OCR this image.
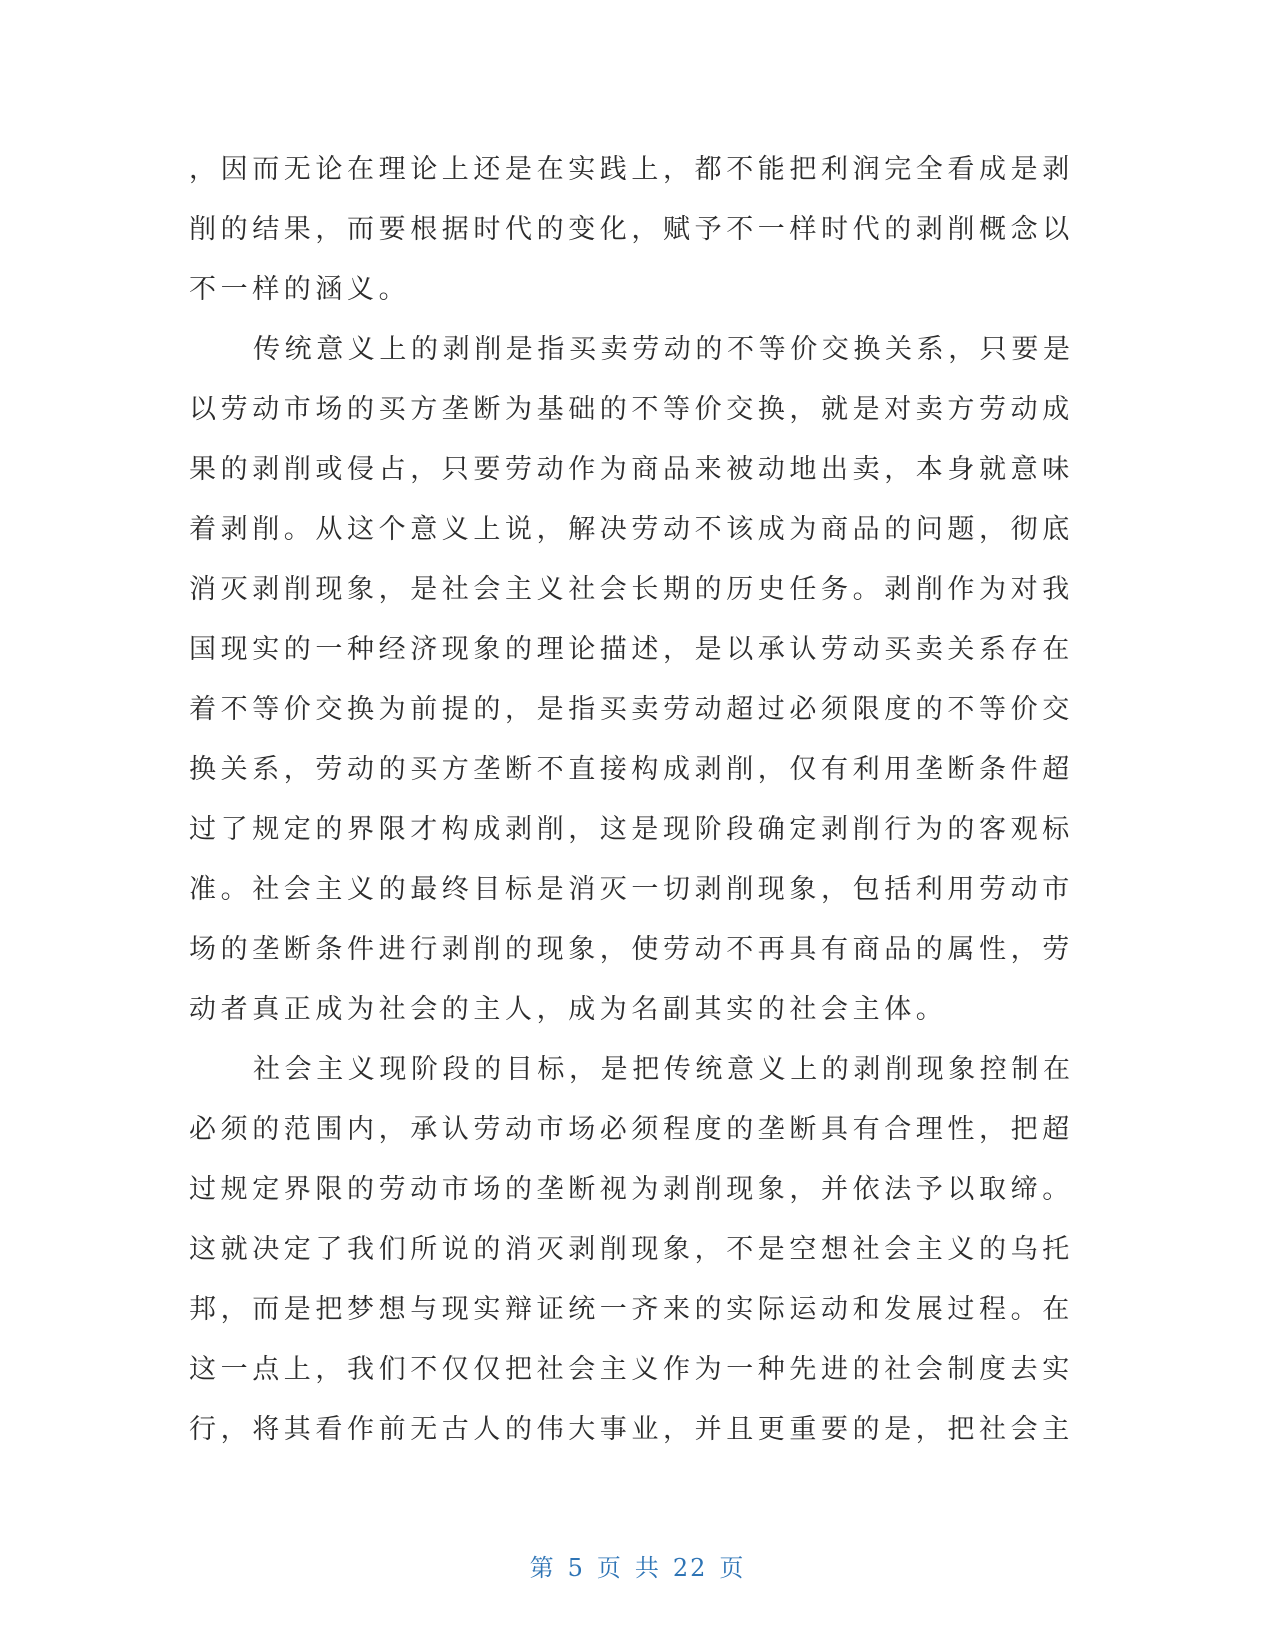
，因而无论在理论上还是在实践上，都不能把利润完全看成是剥
削的结果，而要根据时代的变化，赋予不一样时代的剥削概念以
不一样的涵义。
传统意义上的剥削是指买卖劳动的不等价交换关系，只要是
以劳动市场的买方垄断为基础的不等价交换，就是对卖方劳动成
果的剥削或侵占，只要劳动作为商品来被动地出卖，本身就意味
着剥削。从这个意义上说，解决劳动不该成为商品的问题，彻底
消灭剥削现象，是社会主义社会长期的历史任务。剥削作为对我
国现实的一种经济现象的理论描述，是以承认劳动买卖关系存在
着不等价交换为前提的，是指买卖劳动超过必须限度的不等价交
换关系，劳动的买方垄断不直接构成剥削，仅有利用垄断条件超
过了规定的界限才构成剥削，这是现阶段确定剥削行为的客观标
准。社会主义的最终目标是消灭一切剥削现象，包括利用劳动市
场的垄断条件进行剥削的现象，使劳动不再具有商品的属性，劳
动者真正成为社会的主人，成为名副其实的社会主体。
社会主义现阶段的目标，是把传统意义上的剥削现象控制在
必须的范围内，承认劳动市场必须程度的垄断具有合理性，把超
过规定界限的劳动市场的垄断视为剥削现象，并依法予以取缔。
这就决定了我们所说的消灭剥削现象，不是空想社会主义的乌托
邦，而是把梦想与现实辩证统一齐来的实际运动和发展过程。在
这一点上，我们不仅仅把社会主义作为一种先进的社会制度去实
行，将其看作前无古人的伟大事业，并且更重要的是，把社会主
第 5 页 共 22 页
